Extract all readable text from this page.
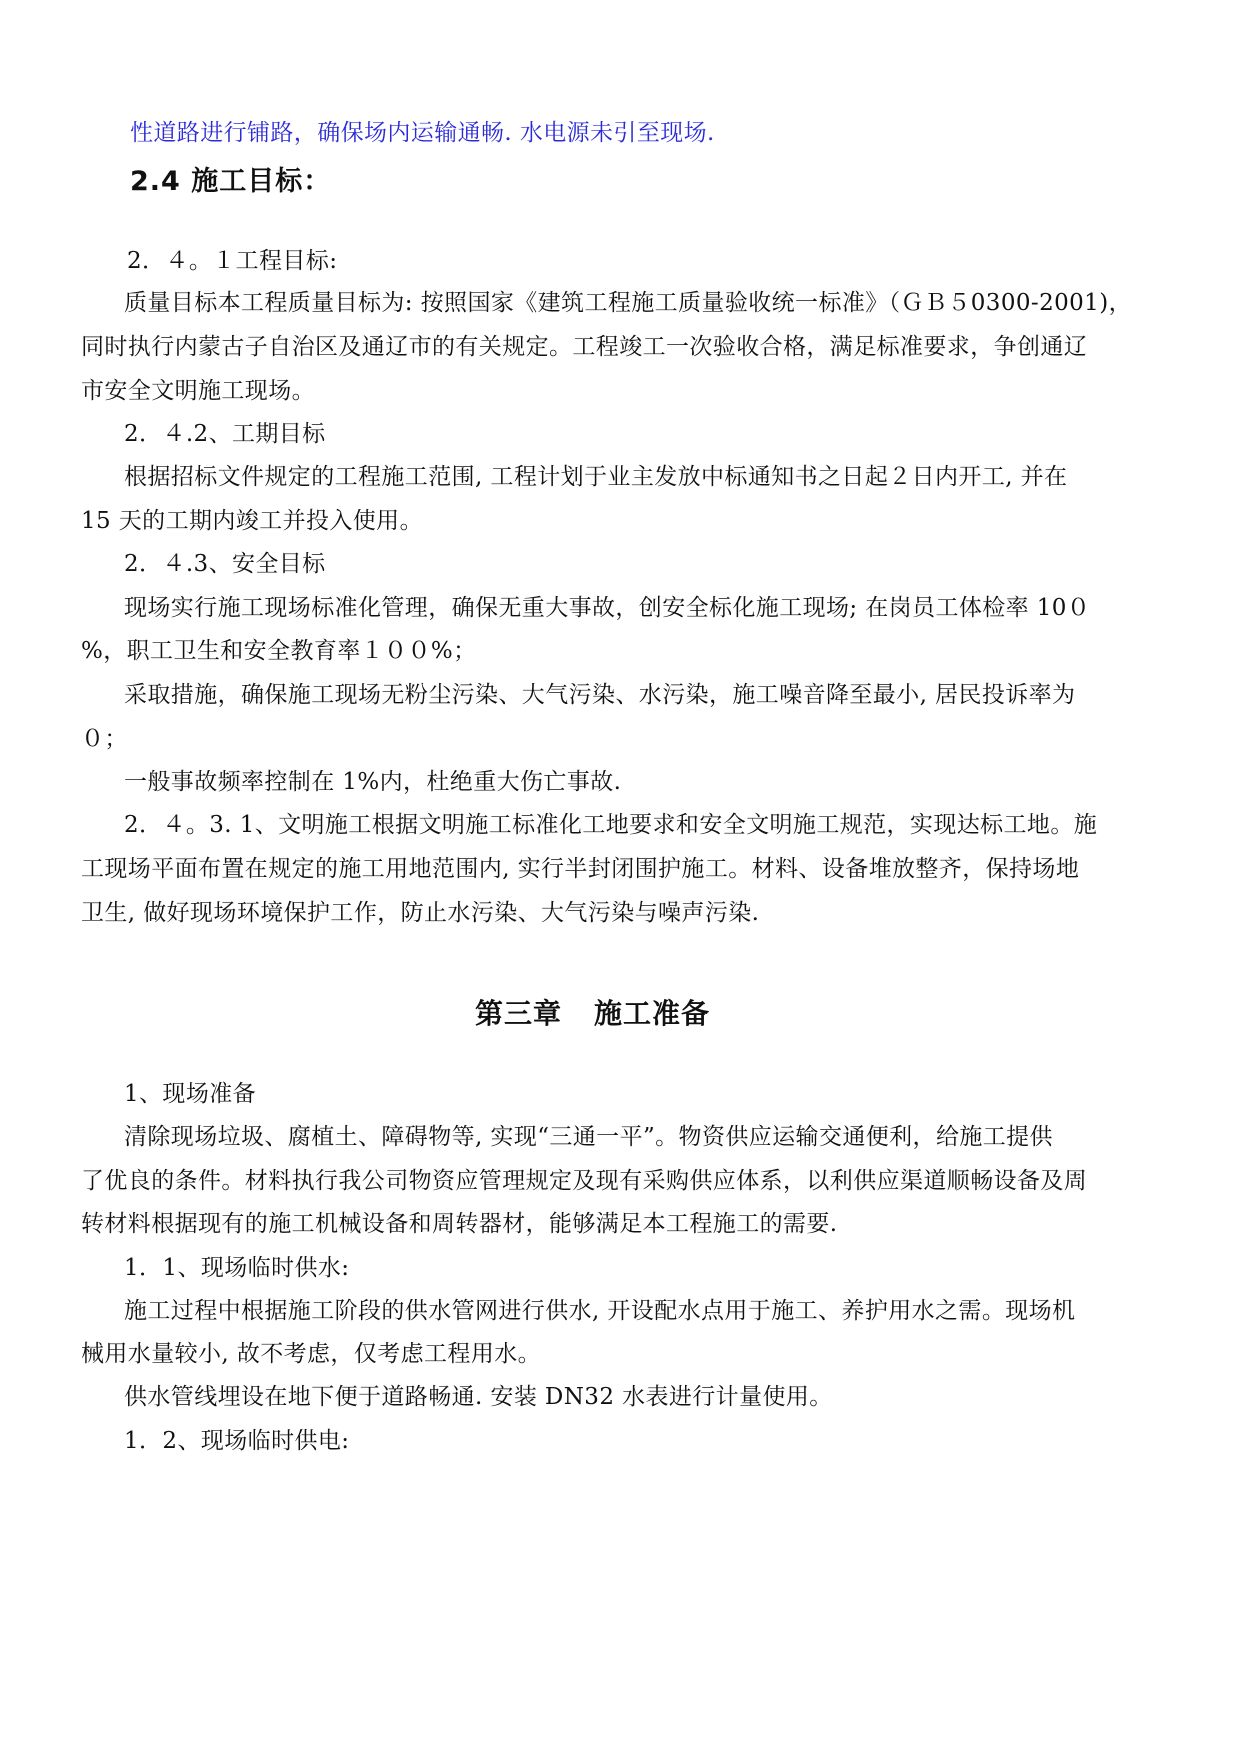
性道路进行铺路，确保场内运输通畅. 水电源未引至现场.
2.4 施工目标：
2．４。１工程目标:
质量目标本工程质量目标为: 按照国家《建筑工程施工质量验收统一标准》（ＧＢ５0300-2001)，
同时执行内蒙古子自治区及通辽市的有关规定。工程竣工一次验收合格，满足标准要求，争创通辽
市安全文明施工现场。
2．４.2、工期目标
根据招标文件规定的工程施工范围, 工程计划于业主发放中标通知书之日起２日内开工, 并在
15 天的工期内竣工并投入使用。
2．４.3、安全目标
现场实行施工现场标准化管理，确保无重大事故，创安全标化施工现场; 在岗员工体检率 10０
%，职工卫生和安全教育率１００%；
采取措施，确保施工现场无粉尘污染、大气污染、水污染，施工噪音降至最小, 居民投诉率为
０；
一般事故频率控制在 1%内，杜绝重大伤亡事故.
2．４。3. 1、文明施工根据文明施工标准化工地要求和安全文明施工规范，实现达标工地。施
工现场平面布置在规定的施工用地范围内, 实行半封闭围护施工。材料、设备堆放整齐，保持场地
卫生, 做好现场环境保护工作，防止水污染、大气污染与噪声污染.
第三章 施工准备
1、现场准备
清除现场垃圾、腐植土、障碍物等, 实现“三通一平”。物资供应运输交通便利，给施工提供
了优良的条件。材料执行我公司物资应管理规定及现有采购供应体系，以利供应渠道顺畅设备及周
转材料根据现有的施工机械设备和周转器材，能够满足本工程施工的需要.
1．1、现场临时供水:
施工过程中根据施工阶段的供水管网进行供水, 开设配水点用于施工、养护用水之需。现场机
械用水量较小, 故不考虑，仅考虑工程用水。
供水管线埋设在地下便于道路畅通. 安装 DN32 水表进行计量使用。
1．2、现场临时供电:
